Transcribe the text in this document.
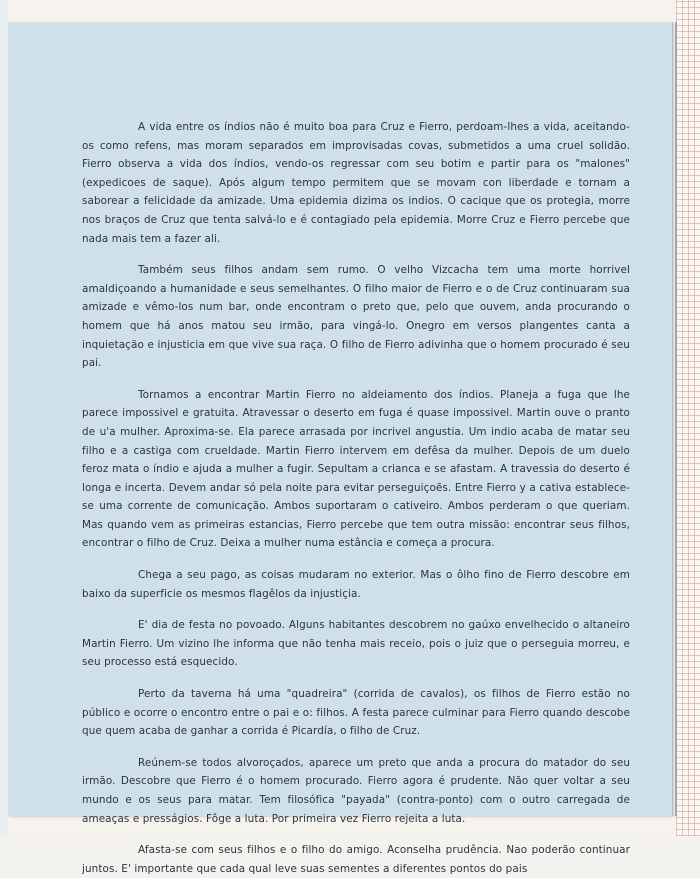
A vida entre os índios não é muito boa para Cruz e Fierro, perdoam-lhes a vida, aceitando-os como refens, mas moram separados em improvisadas covas, submetidos a uma cruel solidão. Fierro observa a vida dos índios, vendo-os regressar com seu botim e partir para os "malones" (expedicoes de saque). Após algum tempo permitem que se movam con liberdade e tornam a saborear a felicidade da amizade. Uma epidemia dizima os indios. O cacique que os protegia, morre nos braços de Cruz que tenta salvá-lo e é contagiado pela epidemia. Morre Cruz e Fierro percebe que nada mais tem a fazer ali.

Também seus filhos andam sem rumo. O velho Vizcacha tem uma morte horrivel amaldiçoando a humanidade e seus semelhantes. O filho maior de Fierro e o de Cruz continuaram sua amizade e vêmo-los num bar, onde encontram o preto que, pelo que ouvem, anda procurando o homem que há anos matou seu irmão, para vingá-lo. Onegro em versos plangentes canta a inquietação e injusticia em que vive sua raça. O filho de Fierro adivinha que o homem procurado é seu pai.

Tornamos a encontrar Martin Fierro no aldeiamento dos índios. Planeja a fuga que lhe parece impossivel e gratuita. Atravessar o deserto em fuga é quase impossivel. Martin ouve o pranto de u'a mulher. Aproxima-se. Ela parece arrasada por incrivel angustia. Um indio acaba de matar seu filho e a castiga com crueldade. Martin Fierro intervem em defêsa da mulher. Depois de um duelo feroz mata o índio e ajuda a mulher a fugir. Sepultam a crianca e se afastam. A travessia do deserto é longa e incerta. Devem andar só pela noite para evitar perseguiçoẽs. Entre Fierro y a cativa establece-se uma corrente de comunicação. Ambos suportaram o cativeiro. Ambos perderam o que queriam. Mas quando vem as primeiras estancias, Fierro percebe que tem outra missão: encontrar seus filhos, encontrar o filho de Cruz. Deixa a mulher numa estância e começa a procura.

Chega a seu pago, as coisas mudaram no exterior. Mas o ôlho fino de Fierro descobre em baixo da superficie os mesmos flagêlos da injustiçia.

E' dia de festa no povoado. Alguns habitantes descobrem no gaúxo envelhecido o altaneiro Martin Fierro. Um vizino lhe informa que não tenha mais receio, pois o juiz que o perseguia morreu, e seu processo está esquecido.

Perto da taverna há uma "quadreira" (corrida de cavalos), os filhos de Fierro estão no público e ocorre o encontro entre o pai e o: filhos. A festa parece culminar para Fierro quando descobe que quem acaba de ganhar a corrida é Picardía, o filho de Cruz.

Reúnem-se todos alvoroçados, aparece um preto que anda a procura do matador do seu irmão. Descobre que Fierro é o homem procurado. Fierro agora é prudente. Não quer voltar a seu mundo e os seus para matar. Tem filosófica "payada" (contra-ponto) com o outro carregada de ameaças e presságios. Fôge a luta. Por primeira vez Fierro rejeita a luta.

Afasta-se com seus filhos e o filho do amigo. Aconselha prudência. Nao poderão continuar juntos. E' importante que cada qual leve suas sementes a diferentes pontos do pais
